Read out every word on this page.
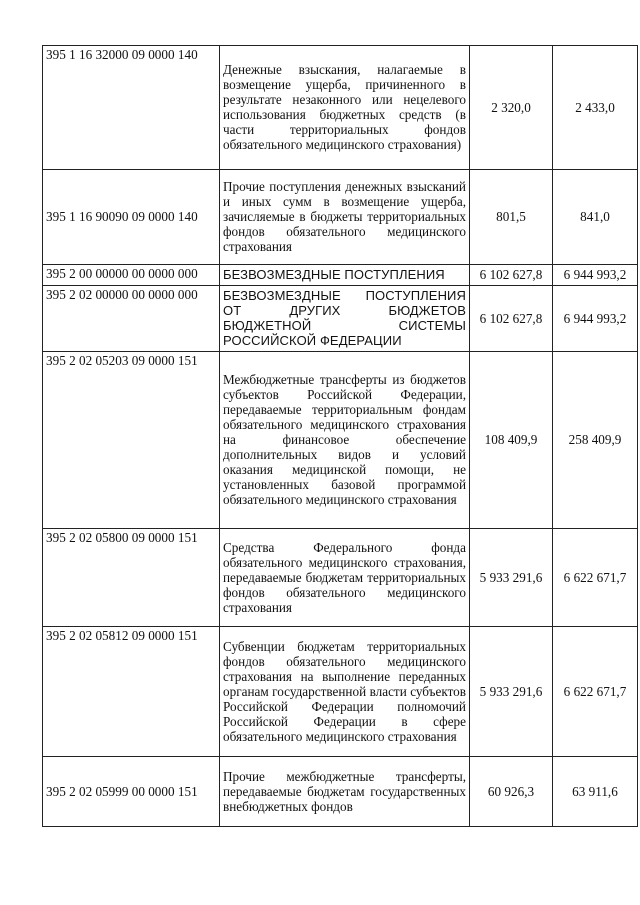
395 1 16 32000 09 0000 140	Денежные взыскания, налагаемые в возмещение ущерба, причиненного в результате незаконного или нецелевого использования бюджетных средств (в части территориальных фондов обязательного медицинского страхования)	2 320,0	2 433,0
395 1 16 90090 09 0000 140	Прочие поступления денежных взысканий и иных сумм в возмещение ущерба, зачисляемые в бюджеты территориальных фондов обязательного медицинского страхования	801,5	841,0
395 2 00 00000 00 0000 000	БЕЗВОЗМЕЗДНЫЕ ПОСТУПЛЕНИЯ	6 102 627,8	6 944 993,2
395 2 02 00000 00 0000 000	БЕЗВОЗМЕЗДНЫЕ ПОСТУПЛЕНИЯ ОТ ДРУГИХ БЮДЖЕТОВ БЮДЖЕТНОЙ СИСТЕМЫ РОССИЙСКОЙ ФЕДЕРАЦИИ	6 102 627,8	6 944 993,2
395 2 02 05203 09 0000 151	Межбюджетные трансферты из бюджетов субъектов Российской Федерации, передаваемые территориальным фондам обязательного медицинского страхования на финансовое обеспечение дополнительных видов и условий оказания медицинской помощи, не установленных базовой программой обязательного медицинского страхования	108 409,9	258 409,9
395 2 02 05800 09 0000 151	Средства Федерального фонда обязательного медицинского страхования, передаваемые бюджетам территориальных фондов обязательного медицинского страхования	5 933 291,6	6 622 671,7
395 2 02 05812 09 0000 151	Субвенции бюджетам территориальных фондов обязательного медицинского страхования на выполнение переданных органам государственной власти субъектов Российской Федерации полномочий Российской Федерации в сфере обязательного медицинского страхования	5 933 291,6	6 622 671,7
395 2 02 05999 00 0000 151	Прочие межбюджетные трансферты, передаваемые бюджетам государственных внебюджетных фондов	60 926,3	63 911,6
